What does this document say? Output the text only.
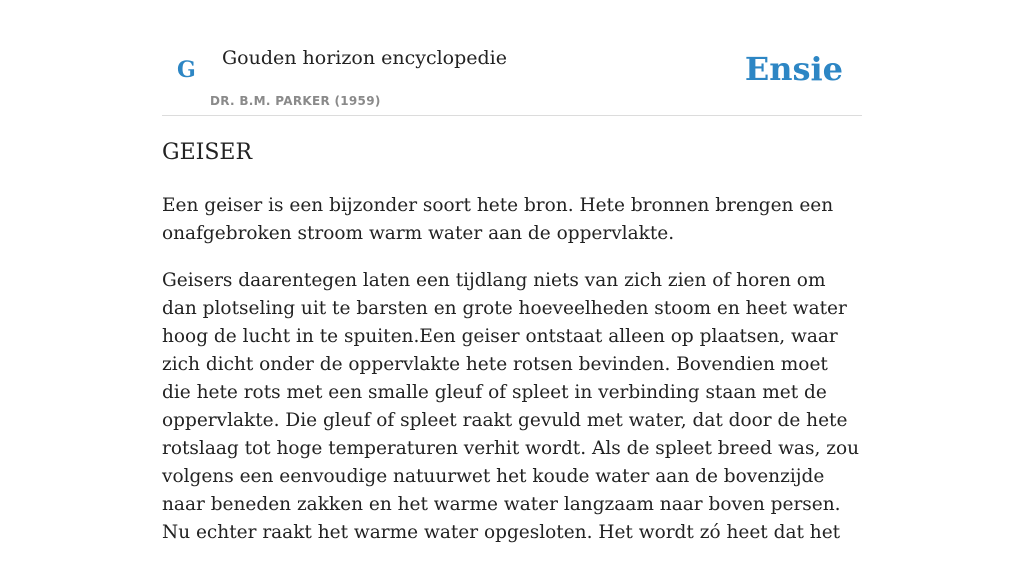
G Gouden horizon encyclopedie
DR. B.M. PARKER (1959)
Ensie
GEISER

Een geiser is een bijzonder soort hete bron. Hete bronnen brengen een onafgebroken stroom warm water aan de oppervlakte.

Geisers daarentegen laten een tijdlang niets van zich zien of horen om dan plotseling uit te barsten en grote hoeveelheden stoom en heet water hoog de lucht in te spuiten.Een geiser ontstaat alleen op plaatsen, waar zich dicht onder de oppervlakte hete rotsen bevinden. Bovendien moet die hete rots met een smalle gleuf of spleet in verbinding staan met de oppervlakte. Die gleuf of spleet raakt gevuld met water, dat door de hete rotslaag tot hoge temperaturen verhit wordt. Als de spleet breed was, zou volgens een eenvoudige natuurwet het koude water aan de bovenzijde naar beneden zakken en het warme water langzaam naar boven persen. Nu echter raakt het warme water opgesloten. Het wordt zó heet dat het
